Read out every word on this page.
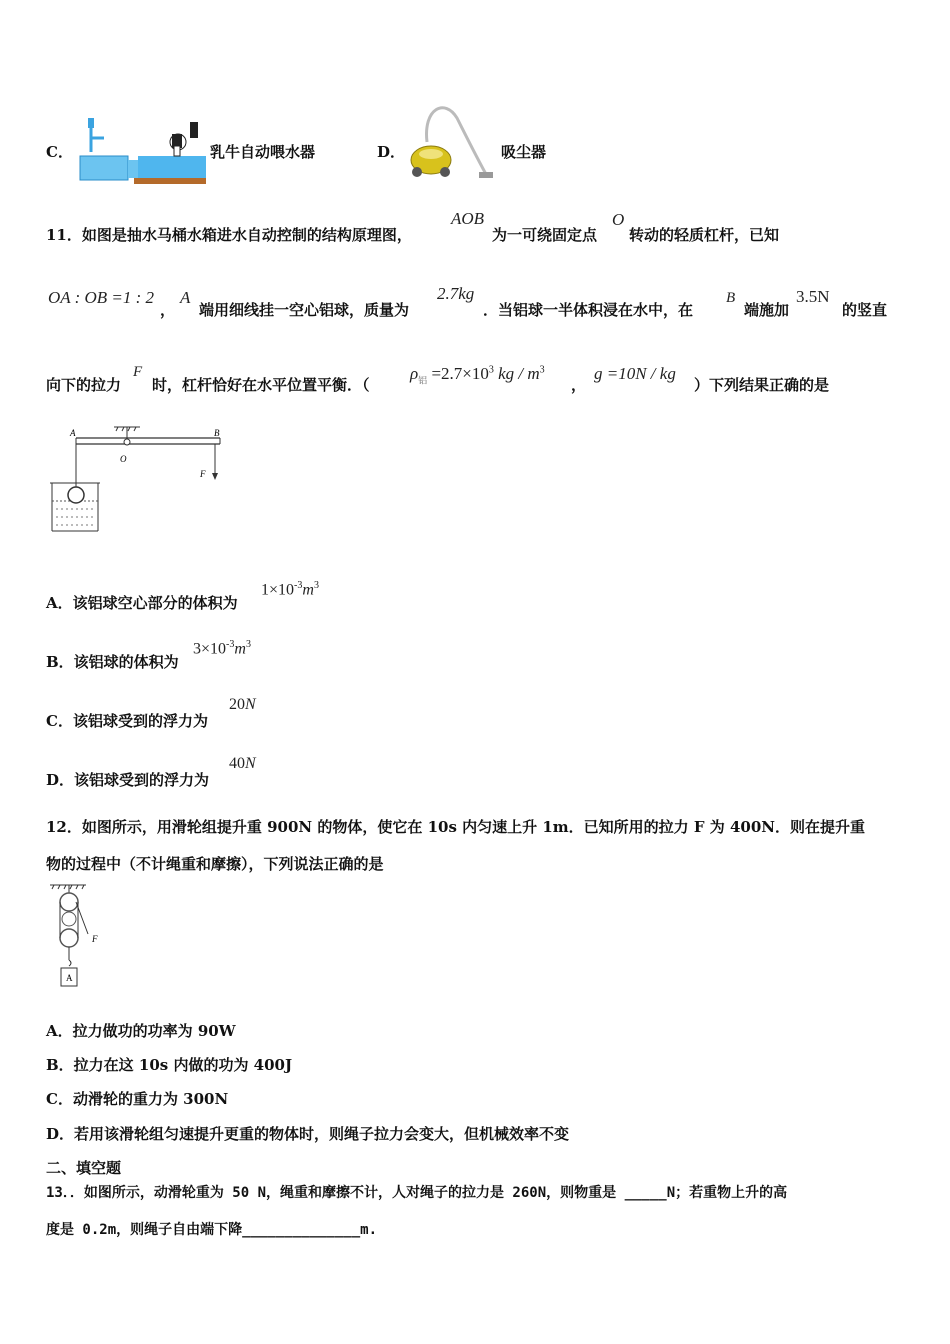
C．	乳牛自动喂水器	D．	吸尘器
11．如图是抽水马桶水箱进水自动控制的结构原理图，
AOB
为一可绕固定点
O
转动的轻质杠杆，已知
OA : OB =1 : 2
，
A
端用细线挂一空心铝球，质量为
2.7kg
．当铝球一半体积浸在水中，在
B
端施加
3.5N
的竖直
向下的拉力
F
时，杠杆恰好在水平位置平衡．（
$\rho_铝 =2.7\times 10^3$ kg / $m^3$
，
g =10N / kg
）下列结果正确的是
A	B
O
F
A．该铝球空心部分的体积为
$1\times 10^{-3}m^3$
B．该铝球的体积为
$3\times 10^{-3}m^3$
C．该铝球受到的浮力为
20N
D．该铝球受到的浮力为
40N
12．如图所示，用滑轮组提升重 900N 的物体，使它在 10s 内匀速上升 1m．已知所用的拉力 F 为 400N．则在提升重
物的过程中（不计绳重和摩擦），下列说法正确的是
F
A
A．拉力做功的功率为 90W
B．拉力在这 10s 内做的功为 400J
C．动滑轮的重力为 300N
D．若用该滑轮组匀速提升更重的物体时，则绳子拉力会变大，但机械效率不变
二、填空题
13．．如图所示，动滑轮重为 50 N，绳重和摩擦不计，人对绳子的拉力是 260N，则物重是 _____N；若重物上升的高
度是 0.2m，则绳子自由端下降______________m.
